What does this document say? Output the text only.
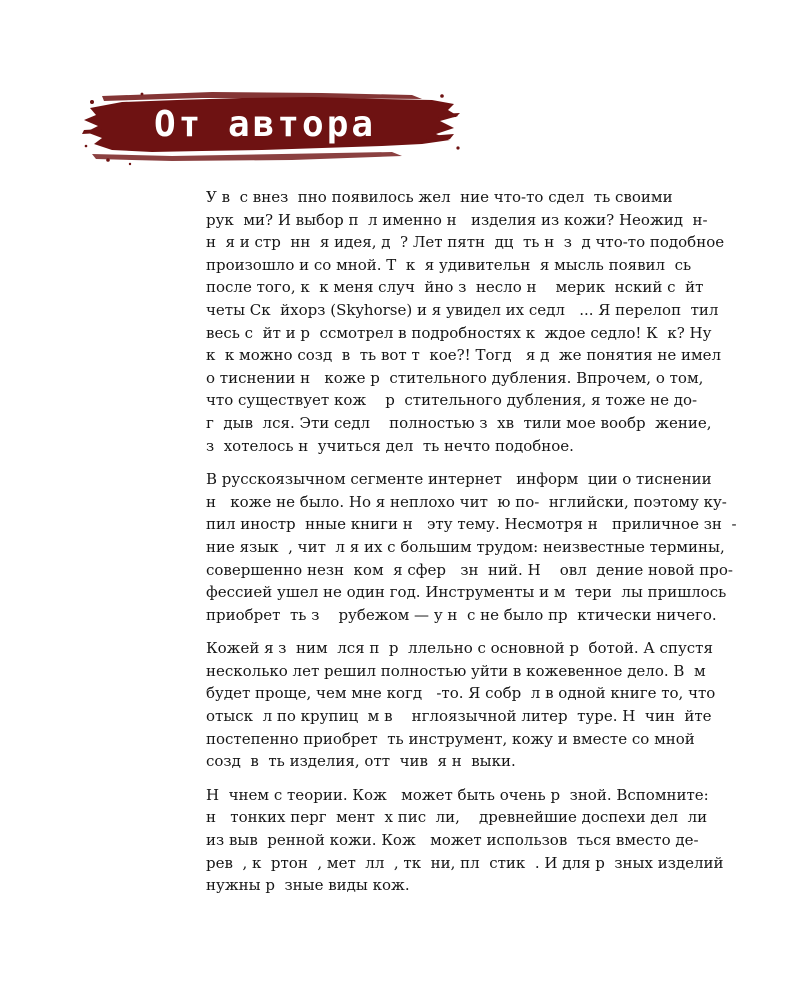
От автора

У в  с внез  пно появилось жел  ние что-то сдел  ть своими
рук  ми? И выбор п  л именно н   изделия из кожи? Неожид  н-
н  я и стр  нн  я идея, д  ? Лет пятн  дц  ть н  з  д что-то подобное
произошло и со мной. Т  к  я удивительн  я мысль появил  сь
после того, к  к меня случ  йно з  несло н    мерик  нский с  йт
четы Ск  йхорз (Skyhorse) и я увидел их седл   ... Я перелоп  тил
весь с  йт и р  ссмотрел в подробностях к  ждое седло! К  к? Ну
к  к можно созд  в  ть вот т  кое?! Тогд   я д  же понятия не имел
о тиснении н   коже р  стительного дубления. Впрочем, о том,
что существует кож    р  стительного дубления, я тоже не до-
г  дыв  лся. Эти седл    полностью з  хв  тили мое вообр  жение,
з  хотелось н  учиться дел  ть нечто подобное.

В русскоязычном сегменте интернет   информ  ции о тиснении
н   коже не было. Но я неплохо чит  ю по-  нглийски, поэтому ку-
пил иностр  нные книги н   эту тему. Несмотря н   приличное зн  -
ние язык  , чит  л я их с большим трудом: неизвестные термины,
совершенно незн  ком  я сфер   зн  ний. Н    овл  дение новой про-
фессией ушел не один год. Инструменты и м  тери  лы пришлось
приобрет  ть з    рубежом — у н  с не было пр  ктически ничего.

Кожей я з  ним  лся п  р  ллельно с основной р  ботой. А спустя
несколько лет решил полностью уйти в кожевенное дело. В  м
будет проще, чем мне когд   -то. Я собр  л в одной книге то, что
отыск  л по крупиц  м в    нглоязычной литер  туре. Н  чин  йте
постепенно приобрет  ть инструмент, кожу и вместе со мной
созд  в  ть изделия, отт  чив  я н  выки.

Н  чнем с теории. Кож   может быть очень р  зной. Вспомните:
н   тонких перг  мент  х пис  ли,    древнейшие доспехи дел  ли
из выв  ренной кожи. Кож   может использов  ться вместо де-
рев  , к  ртон  , мет  лл  , тк  ни, пл  стик  . И для р  зных изделий
нужны р  зные виды кож.
